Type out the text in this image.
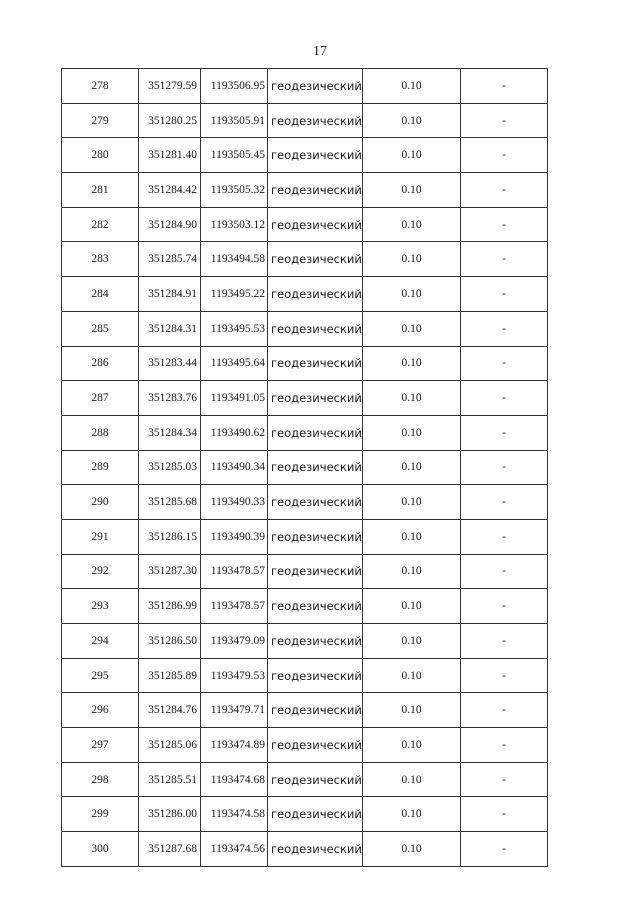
17
278	351279.59	1193506.95	геодезический	0.10	-
279	351280.25	1193505.91	геодезический	0.10	-
280	351281.40	1193505.45	геодезический	0.10	-
281	351284.42	1193505.32	геодезический	0.10	-
282	351284.90	1193503.12	геодезический	0.10	-
283	351285.74	1193494.58	геодезический	0.10	-
284	351284.91	1193495.22	геодезический	0.10	-
285	351284.31	1193495.53	геодезический	0.10	-
286	351283.44	1193495.64	геодезический	0.10	-
287	351283.76	1193491.05	геодезический	0.10	-
288	351284.34	1193490.62	геодезический	0.10	-
289	351285.03	1193490.34	геодезический	0.10	-
290	351285.68	1193490.33	геодезический	0.10	-
291	351286.15	1193490.39	геодезический	0.10	-
292	351287.30	1193478.57	геодезический	0.10	-
293	351286.99	1193478.57	геодезический	0.10	-
294	351286.50	1193479.09	геодезический	0.10	-
295	351285.89	1193479.53	геодезический	0.10	-
296	351284.76	1193479.71	геодезический	0.10	-
297	351285.06	1193474.89	геодезический	0.10	-
298	351285.51	1193474.68	геодезический	0.10	-
299	351286.00	1193474.58	геодезический	0.10	-
300	351287.68	1193474.56	геодезический	0.10	-
